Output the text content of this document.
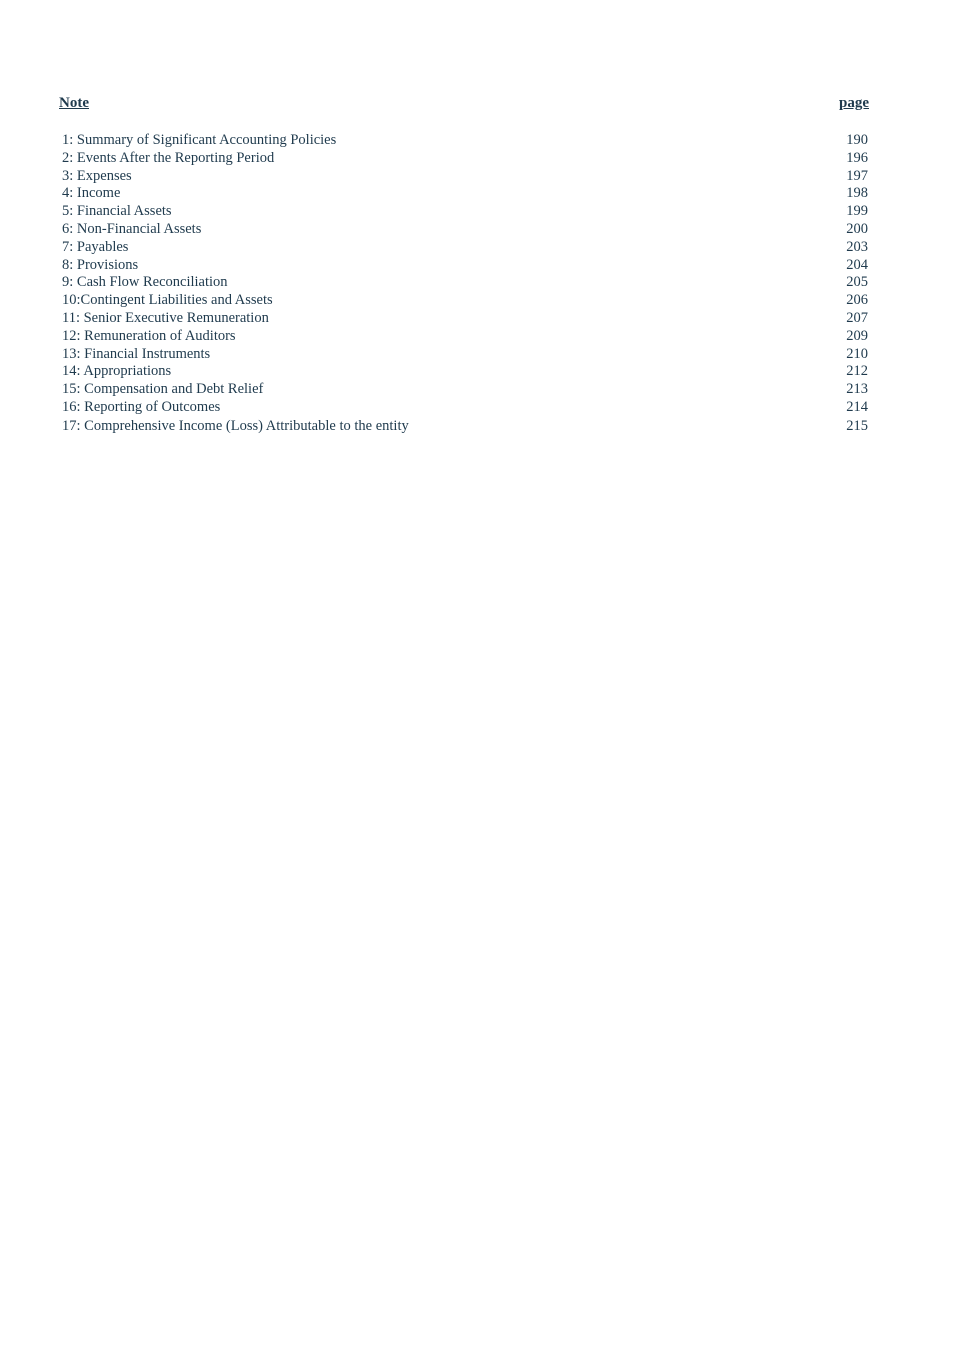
Note	page
1: Summary of Significant Accounting Policies	190
2: Events After the Reporting Period	196
3: Expenses	197
4: Income	198
5: Financial Assets	199
6: Non-Financial Assets	200
7: Payables	203
8: Provisions	204
9: Cash Flow Reconciliation	205
10:Contingent Liabilities and Assets	206
11: Senior Executive Remuneration	207
12: Remuneration of Auditors	209
13: Financial Instruments	210
14: Appropriations	212
15: Compensation and Debt Relief	213
16: Reporting of Outcomes	214
17: Comprehensive Income (Loss) Attributable to the entity	215
